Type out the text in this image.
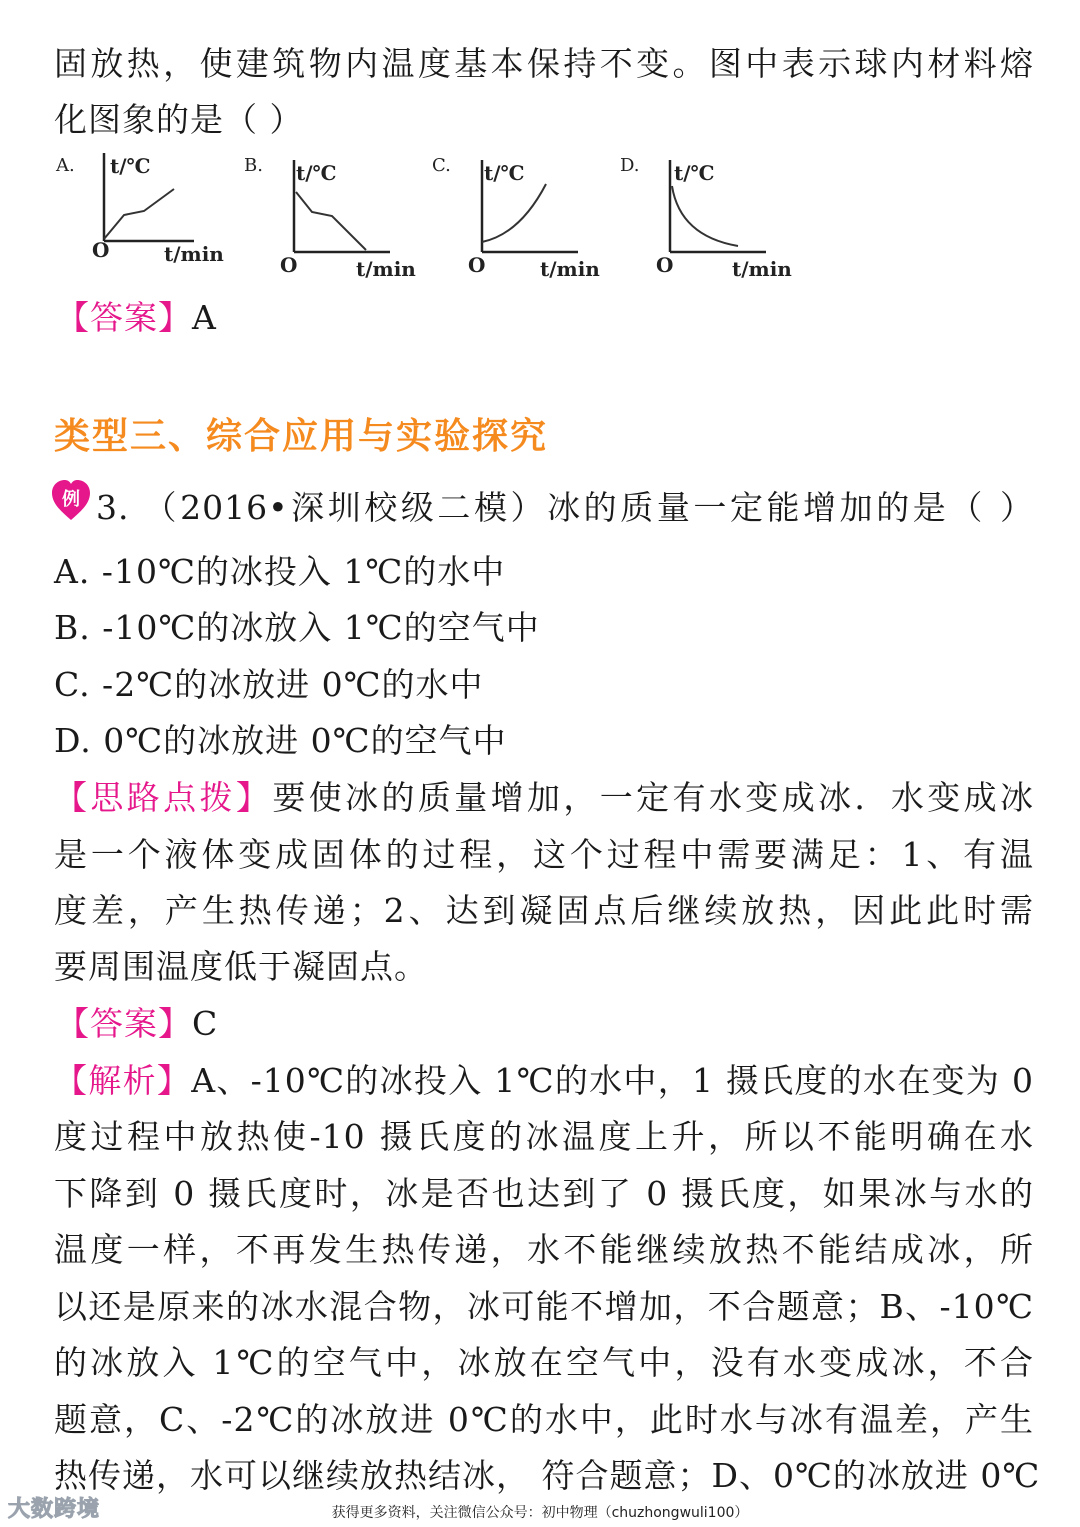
固放热，使建筑物内温度基本保持不变。图中表示球内材料熔
化图象的是（ ）
A. t/℃
O	t/min
B. t/℃
O	t/min
C. t/℃
O	t/min
D. t/℃
O	t/min
【答案】A
类型三、综合应用与实验探究
例 3. （2016•深圳校级二模）冰的质量一定能增加的是（ ）
A. -10℃的冰投入 1℃的水中
B. -10℃的冰放入 1℃的空气中
C. -2℃的冰放进 0℃的水中
D. 0℃的冰放进 0℃的空气中
【思路点拨】要使冰的质量增加，一定有水变成冰．水变成冰
是一个液体变成固体的过程，这个过程中需要满足：1、有温
度差，产生热传递；2、达到凝固点后继续放热，因此此时需
要周围温度低于凝固点。
【答案】C
【解析】A、-10℃的冰投入 1℃的水中，1 摄氏度的水在变为 0
度过程中放热使-10 摄氏度的冰温度上升，所以不能明确在水
下降到 0 摄氏度时，冰是否也达到了 0 摄氏度，如果冰与水的
温度一样，不再发生热传递，水不能继续放热不能结成冰，所
以还是原来的冰水混合物，冰可能不增加，不合题意；B、-10℃
的冰放入 1℃的空气中，冰放在空气中，没有水变成冰，不合
题意，C、-2℃的冰放进 0℃的水中，此时水与冰有温差，产生
热传递，水可以继续放热结冰， 符合题意；D、0℃的冰放进 0℃
大数跨境	获得更多资料，关注微信公众号：初中物理（chuzhongwuli100）
